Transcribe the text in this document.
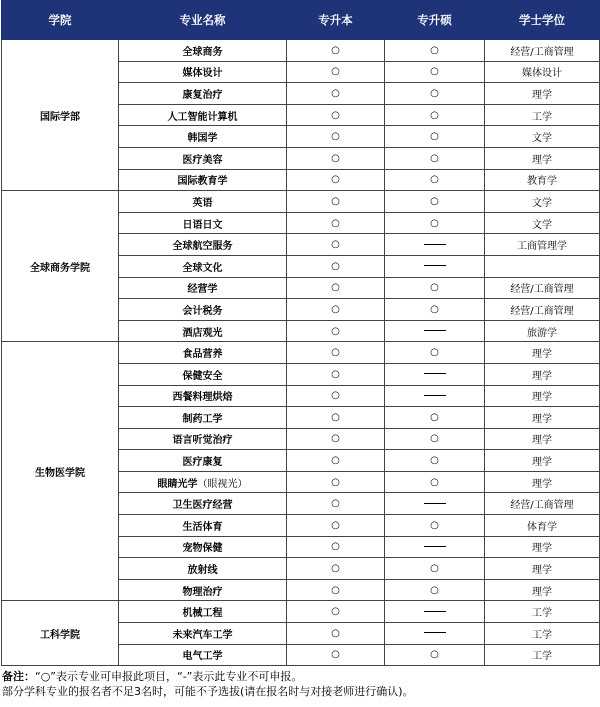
学院	专业名称	专升本	专升硕	学士学位
国际学部	全球商务	○	○	经营/工商管理
	媒体设计	○	○	媒体设计
	康复治疗	○	○	理学
	人工智能计算机	○	○	工学
	韩国学	○	○	文学
	医疗美容	○	○	理学
	国际教育学	○	○	教育学
全球商务学院	英语	○	○	文学
	日语日文	○	○	文学
	全球航空服务	○		工商管理学
	全球文化	○		
	经营学	○	○	经营/工商管理
	会计税务	○	○	经营/工商管理
	酒店观光	○		旅游学
生物医学院	食品营养	○	○	理学
	保健安全	○		理学
	西餐料理烘焙	○		理学
	制药工学	○	○	理学
	语言听觉治疗	○	○	理学
	医疗康复	○	○	理学
	眼睛光学（眼视光）	○	○	理学
	卫生医疗经营	○		经营/工商管理
	生活体育	○	○	体育学
	宠物保健	○		理学
	放射线	○	○	理学
	物理治疗	○	○	理学
工科学院	机械工程	○		工学
	未来汽车工学	○		工学
	电气工学	○	○	工学
备注：“○”表示专业可申报此项目，“-”表示此专业不可申报。
部分学科专业的报名者不足3名时，可能不予选拔(请在报名时与对接老师进行确认)。
